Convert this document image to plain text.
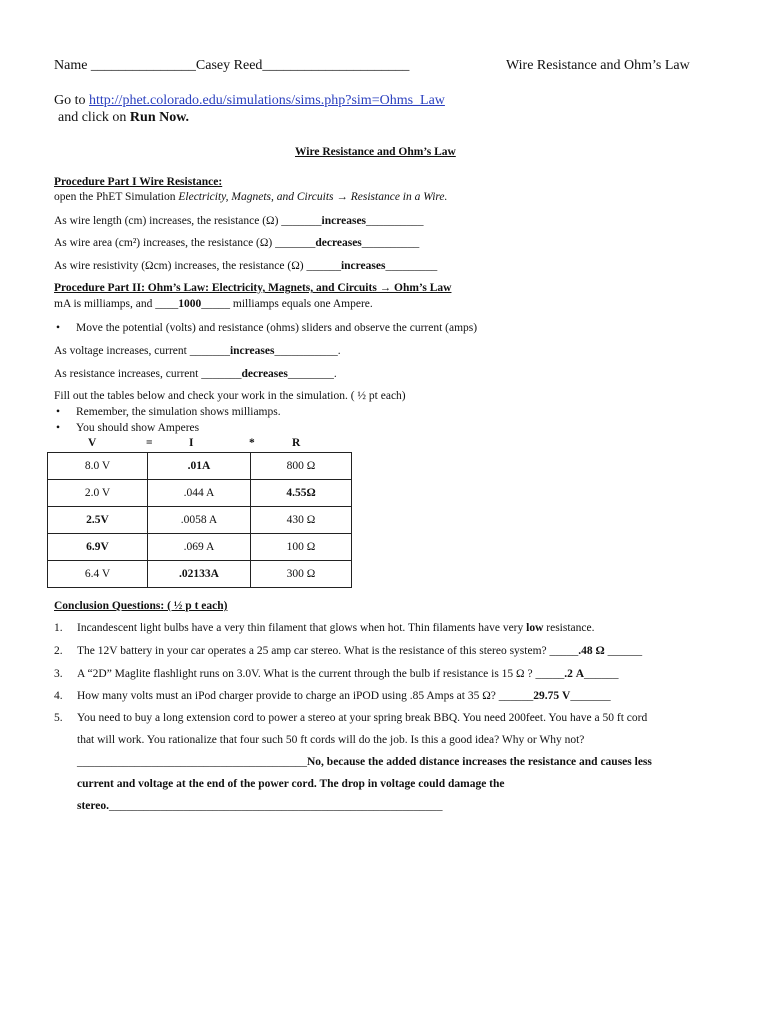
Name _______________Casey Reed_____________________	Wire Resistance and Ohm’s Law
Go to http://phet.colorado.edu/simulations/sims.php?sim=Ohms_Law
and click on Run Now.
Wire Resistance and Ohm’s Law
Procedure Part I Wire Resistance:
open the PhET Simulation Electricity, Magnets, and Circuits → Resistance in a Wire.
As wire length (cm) increases, the resistance (Ω) _______increases__________
As wire area (cm²) increases, the resistance (Ω) _______decreases__________
As wire resistivity (Ωcm) increases, the resistance (Ω) ______increases_________
Procedure Part II: Ohm’s Law: Electricity, Magnets, and Circuits → Ohm’s Law
mA is milliamps, and ____1000_____ milliamps equals one Ampere.
• Move the potential (volts) and resistance (ohms) sliders and observe the current (amps)
As voltage increases, current _______increases___________.
As resistance increases, current _______decreases________.
Fill out the tables below and check your work in the simulation. ( ½ pt each)
• Remember, the simulation shows milliamps.
• You should show Amperes
V	=	I	*	R
8.0 V	.01A	800 Ω
2.0 V	.044 A	4.55Ω
2.5V	.0058 A	430 Ω
6.9V	.069 A	100 Ω
6.4 V	.02133A	300 Ω
Conclusion Questions: ( ½ p t each)
1. Incandescent light bulbs have a very thin filament that glows when hot. Thin filaments have very low resistance.
2. The 12V battery in your car operates a 25 amp car stereo. What is the resistance of this stereo system? _____.48 Ω ______
3. A “2D” Maglite flashlight runs on 3.0V. What is the current through the bulb if resistance is 15 Ω ? _____.2 A______
4. How many volts must an iPod charger provide to charge an iPOD using .85 Amps at 35 Ω? ______29.75 V_______
5. You need to buy a long extension cord to power a stereo at your spring break BBQ. You need 200feet. You have a 50 ft cord
that will work. You rationalize that four such 50 ft cords will do the job. Is this a good idea? Why or Why not?
________________________________________No, because the added distance increases the resistance and causes less
current and voltage at the end of the power cord. The drop in voltage could damage the
stereo.__________________________________________________________
